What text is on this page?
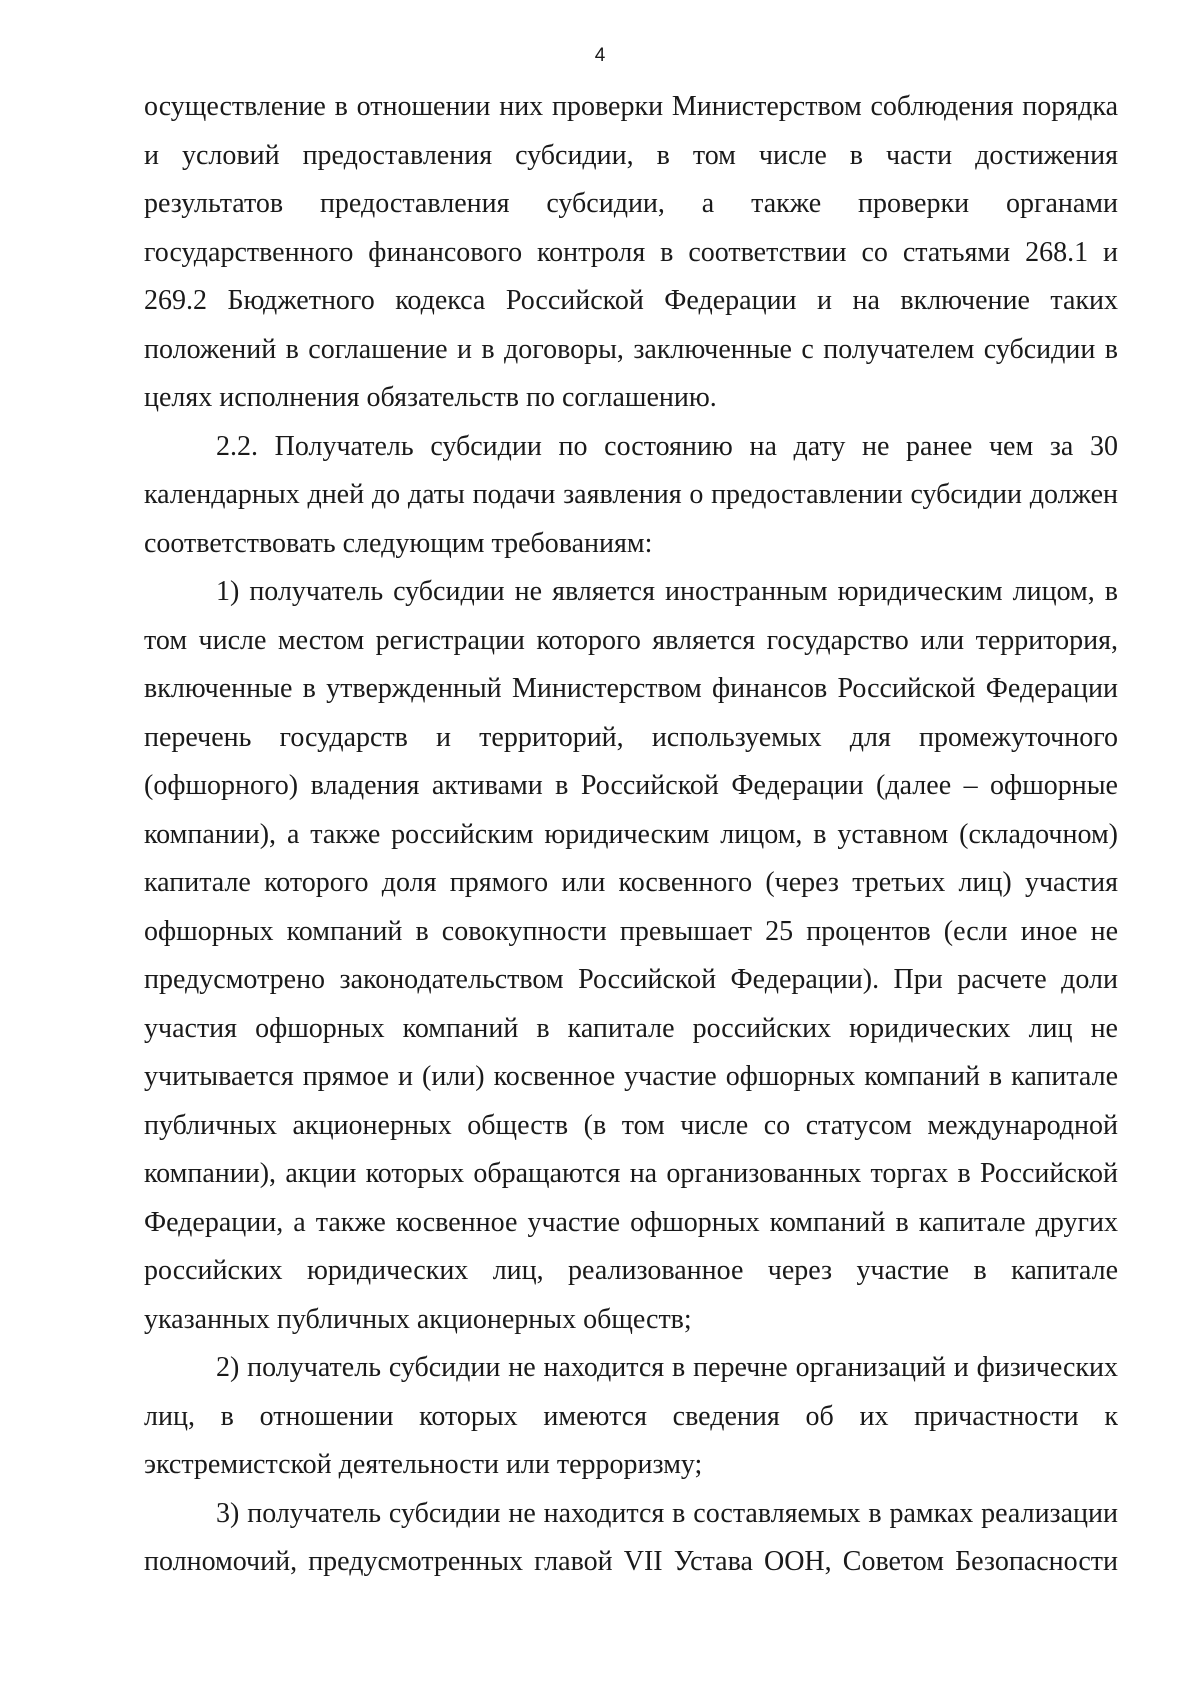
4

осуществление в отношении них проверки Министерством соблюдения порядка и условий предоставления субсидии, в том числе в части достижения результатов предоставления субсидии, а также проверки органами государственного финансового контроля в соответствии со статьями 268.1 и 269.2 Бюджетного кодекса Российской Федерации и на включение таких положений в соглашение и в договоры, заключенные с получателем субсидии в целях исполнения обязательств по соглашению.

2.2. Получатель субсидии по состоянию на дату не ранее чем за 30 календарных дней до даты подачи заявления о предоставлении субсидии должен соответствовать следующим требованиям:

1) получатель субсидии не является иностранным юридическим лицом, в том числе местом регистрации которого является государство или территория, включенные в утвержденный Министерством финансов Российской Федерации перечень государств и территорий, используемых для промежуточного (офшорного) владения активами в Российской Федерации (далее – офшорные компании), а также российским юридическим лицом, в уставном (складочном) капитале которого доля прямого или косвенного (через третьих лиц) участия офшорных компаний в совокупности превышает 25 процентов (если иное не предусмотрено законодательством Российской Федерации). При расчете доли участия офшорных компаний в капитале российских юридических лиц не учитывается прямое и (или) косвенное участие офшорных компаний в капитале публичных акционерных обществ (в том числе со статусом международной компании), акции которых обращаются на организованных торгах в Российской Федерации, а также косвенное участие офшорных компаний в капитале других российских юридических лиц, реализованное через участие в капитале указанных публичных акционерных обществ;

2) получатель субсидии не находится в перечне организаций и физических лиц, в отношении которых имеются сведения об их причастности к экстремистской деятельности или терроризму;

3) получатель субсидии не находится в составляемых в рамках реализации полномочий, предусмотренных главой VII Устава ООН, Советом Безопасности
